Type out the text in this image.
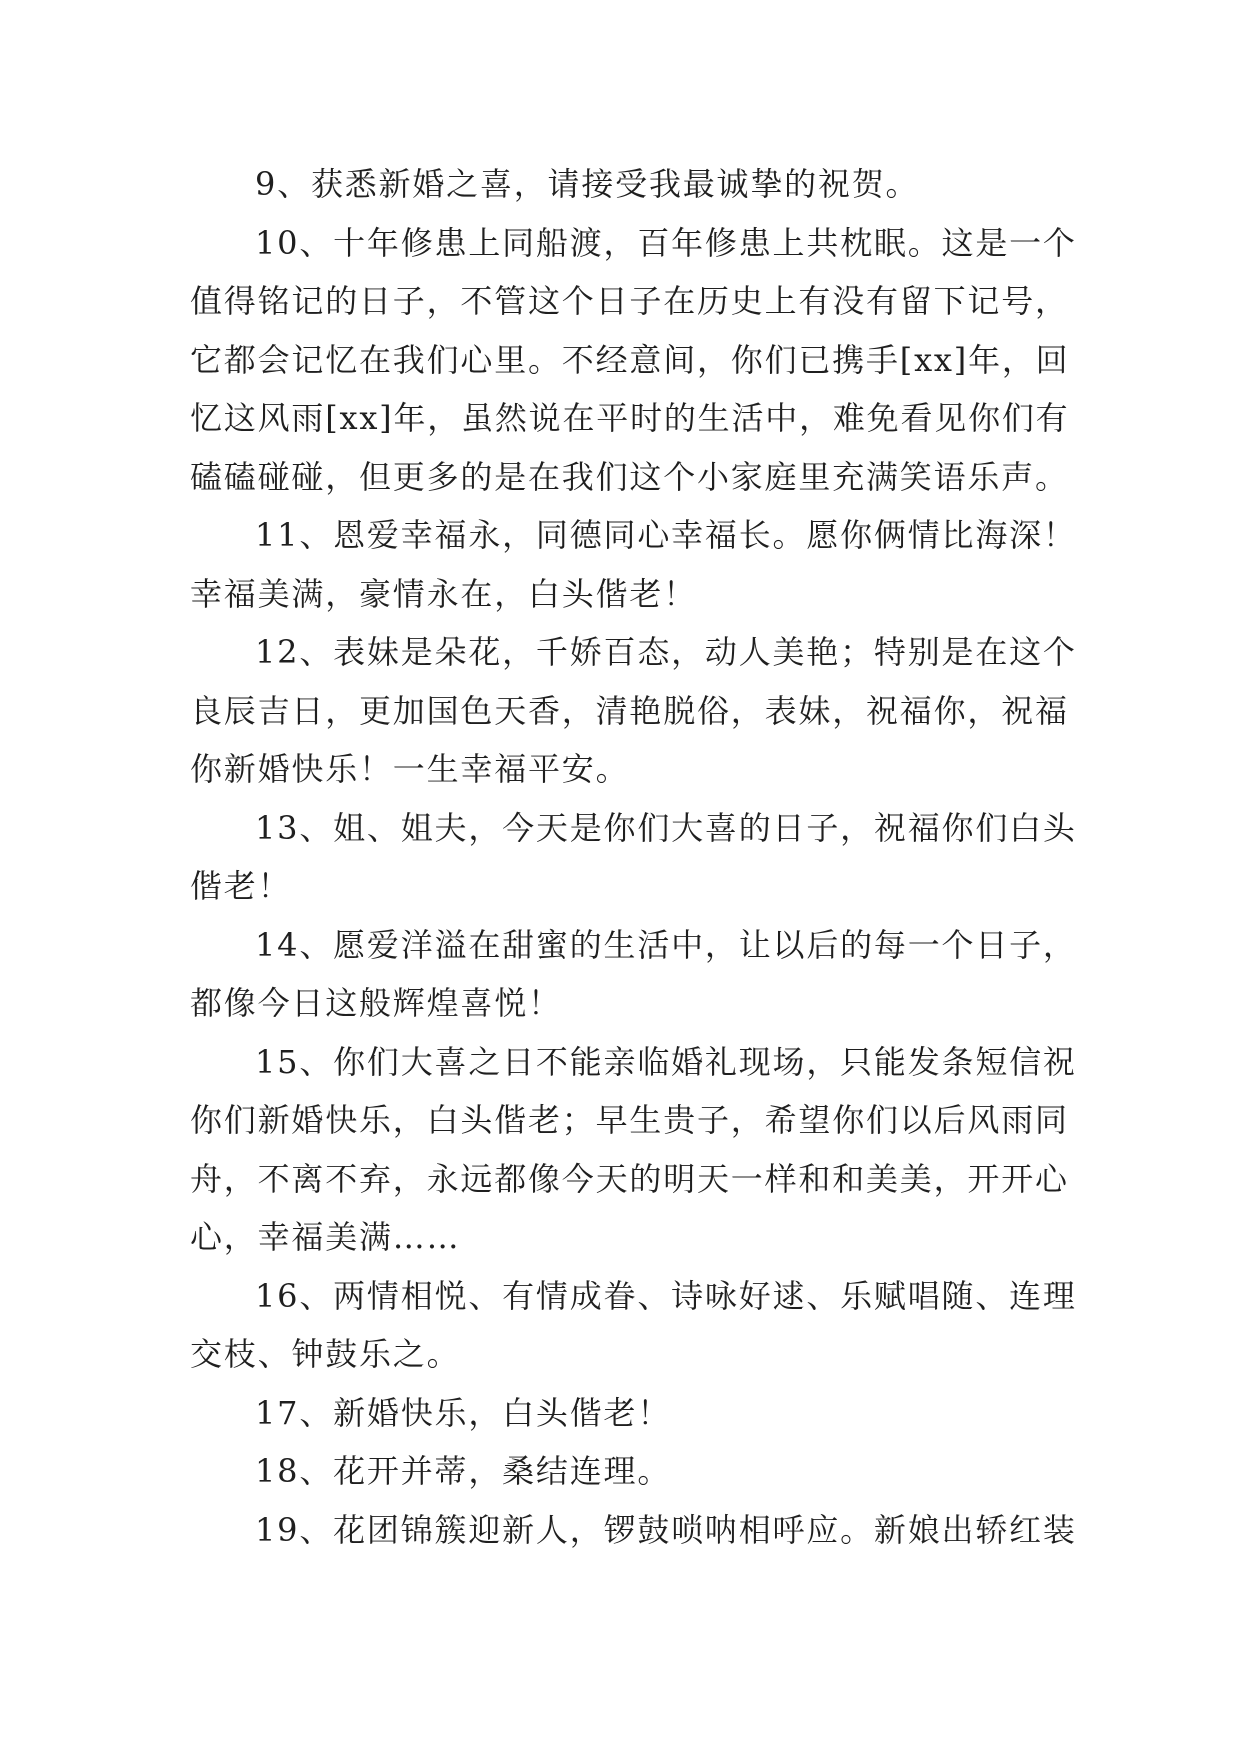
9、获悉新婚之喜，请接受我最诚挚的祝贺。
10、十年修患上同船渡，百年修患上共枕眠。这是一个
值得铭记的日子，不管这个日子在历史上有没有留下记号，
它都会记忆在我们心里。不经意间，你们已携手[xx]年，回
忆这风雨[xx]年，虽然说在平时的生活中，难免看见你们有
磕磕碰碰，但更多的是在我们这个小家庭里充满笑语乐声。
11、恩爱幸福永，同德同心幸福长。愿你俩情比海深！
幸福美满，豪情永在，白头偕老！
12、表妹是朵花，千娇百态，动人美艳；特别是在这个
良辰吉日，更加国色天香，清艳脱俗，表妹，祝福你，祝福
你新婚快乐！一生幸福平安。
13、姐、姐夫，今天是你们大喜的日子，祝福你们白头
偕老！
14、愿爱洋溢在甜蜜的生活中，让以后的每一个日子，
都像今日这般辉煌喜悦！
15、你们大喜之日不能亲临婚礼现场，只能发条短信祝
你们新婚快乐，白头偕老；早生贵子，希望你们以后风雨同
舟，不离不弃，永远都像今天的明天一样和和美美，开开心
心，幸福美满……
16、两情相悦、有情成眷、诗咏好逑、乐赋唱随、连理
交枝、钟鼓乐之。
17、新婚快乐，白头偕老！
18、花开并蒂，桑结连理。
19、花团锦簇迎新人，锣鼓唢呐相呼应。新娘出轿红装
